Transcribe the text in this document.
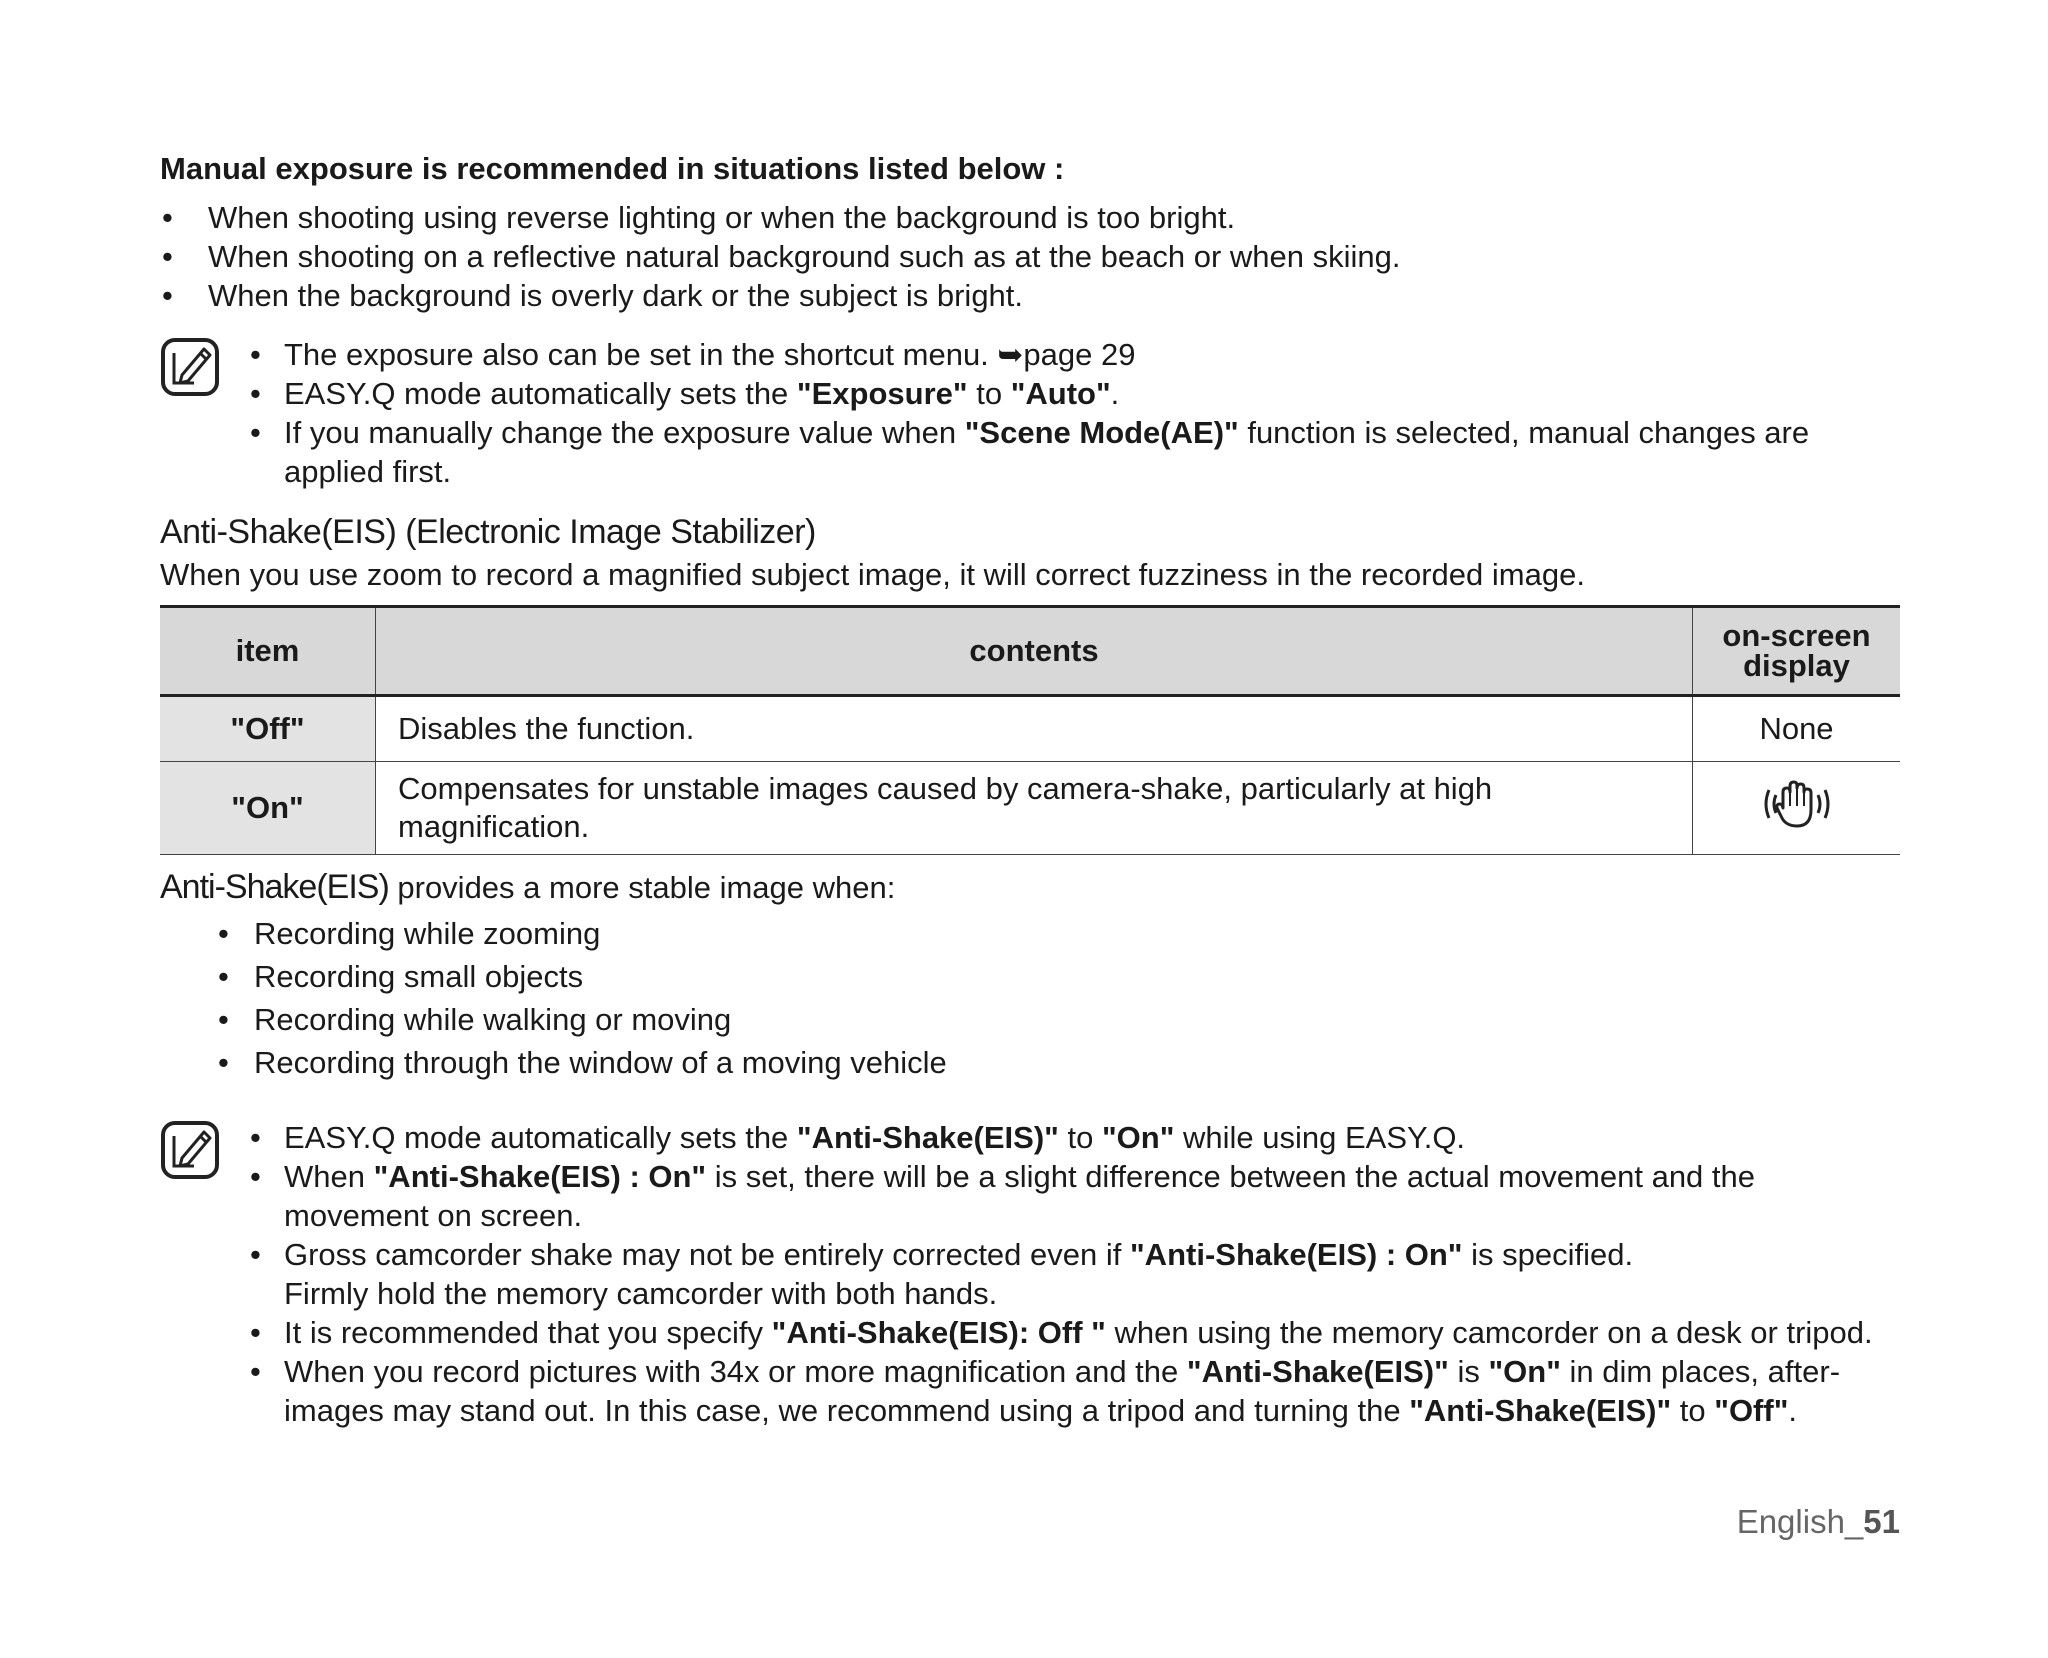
Manual exposure is recommended in situations listed below :
• When shooting using reverse lighting or when the background is too bright.
• When shooting on a reflective natural background such as at the beach or when skiing.
• When the background is overly dark or the subject is bright.
• The exposure also can be set in the shortcut menu. ➥page 29
• EASY.Q mode automatically sets the "Exposure" to "Auto".
• If you manually change the exposure value when "Scene Mode(AE)" function is selected, manual changes are applied first.
Anti-Shake(EIS) (Electronic Image Stabilizer)
When you use zoom to record a magnified subject image, it will correct fuzziness in the recorded image.
item	contents	on-screen display
"Off"	Disables the function.	None
"On"	Compensates for unstable images caused by camera-shake, particularly at high magnification.	
Anti-Shake(EIS) provides a more stable image when:
• Recording while zooming
• Recording small objects
• Recording while walking or moving
• Recording through the window of a moving vehicle
• EASY.Q mode automatically sets the "Anti-Shake(EIS)" to "On" while using EASY.Q.
• When "Anti-Shake(EIS) : On" is set, there will be a slight difference between the actual movement and the movement on screen.
• Gross camcorder shake may not be entirely corrected even if "Anti-Shake(EIS) : On" is specified.
Firmly hold the memory camcorder with both hands.
• It is recommended that you specify "Anti-Shake(EIS): Off " when using the memory camcorder on a desk or tripod.
• When you record pictures with 34x or more magnification and the "Anti-Shake(EIS)" is "On" in dim places, after-images may stand out. In this case, we recommend using a tripod and turning the "Anti-Shake(EIS)" to "Off".
English_51
